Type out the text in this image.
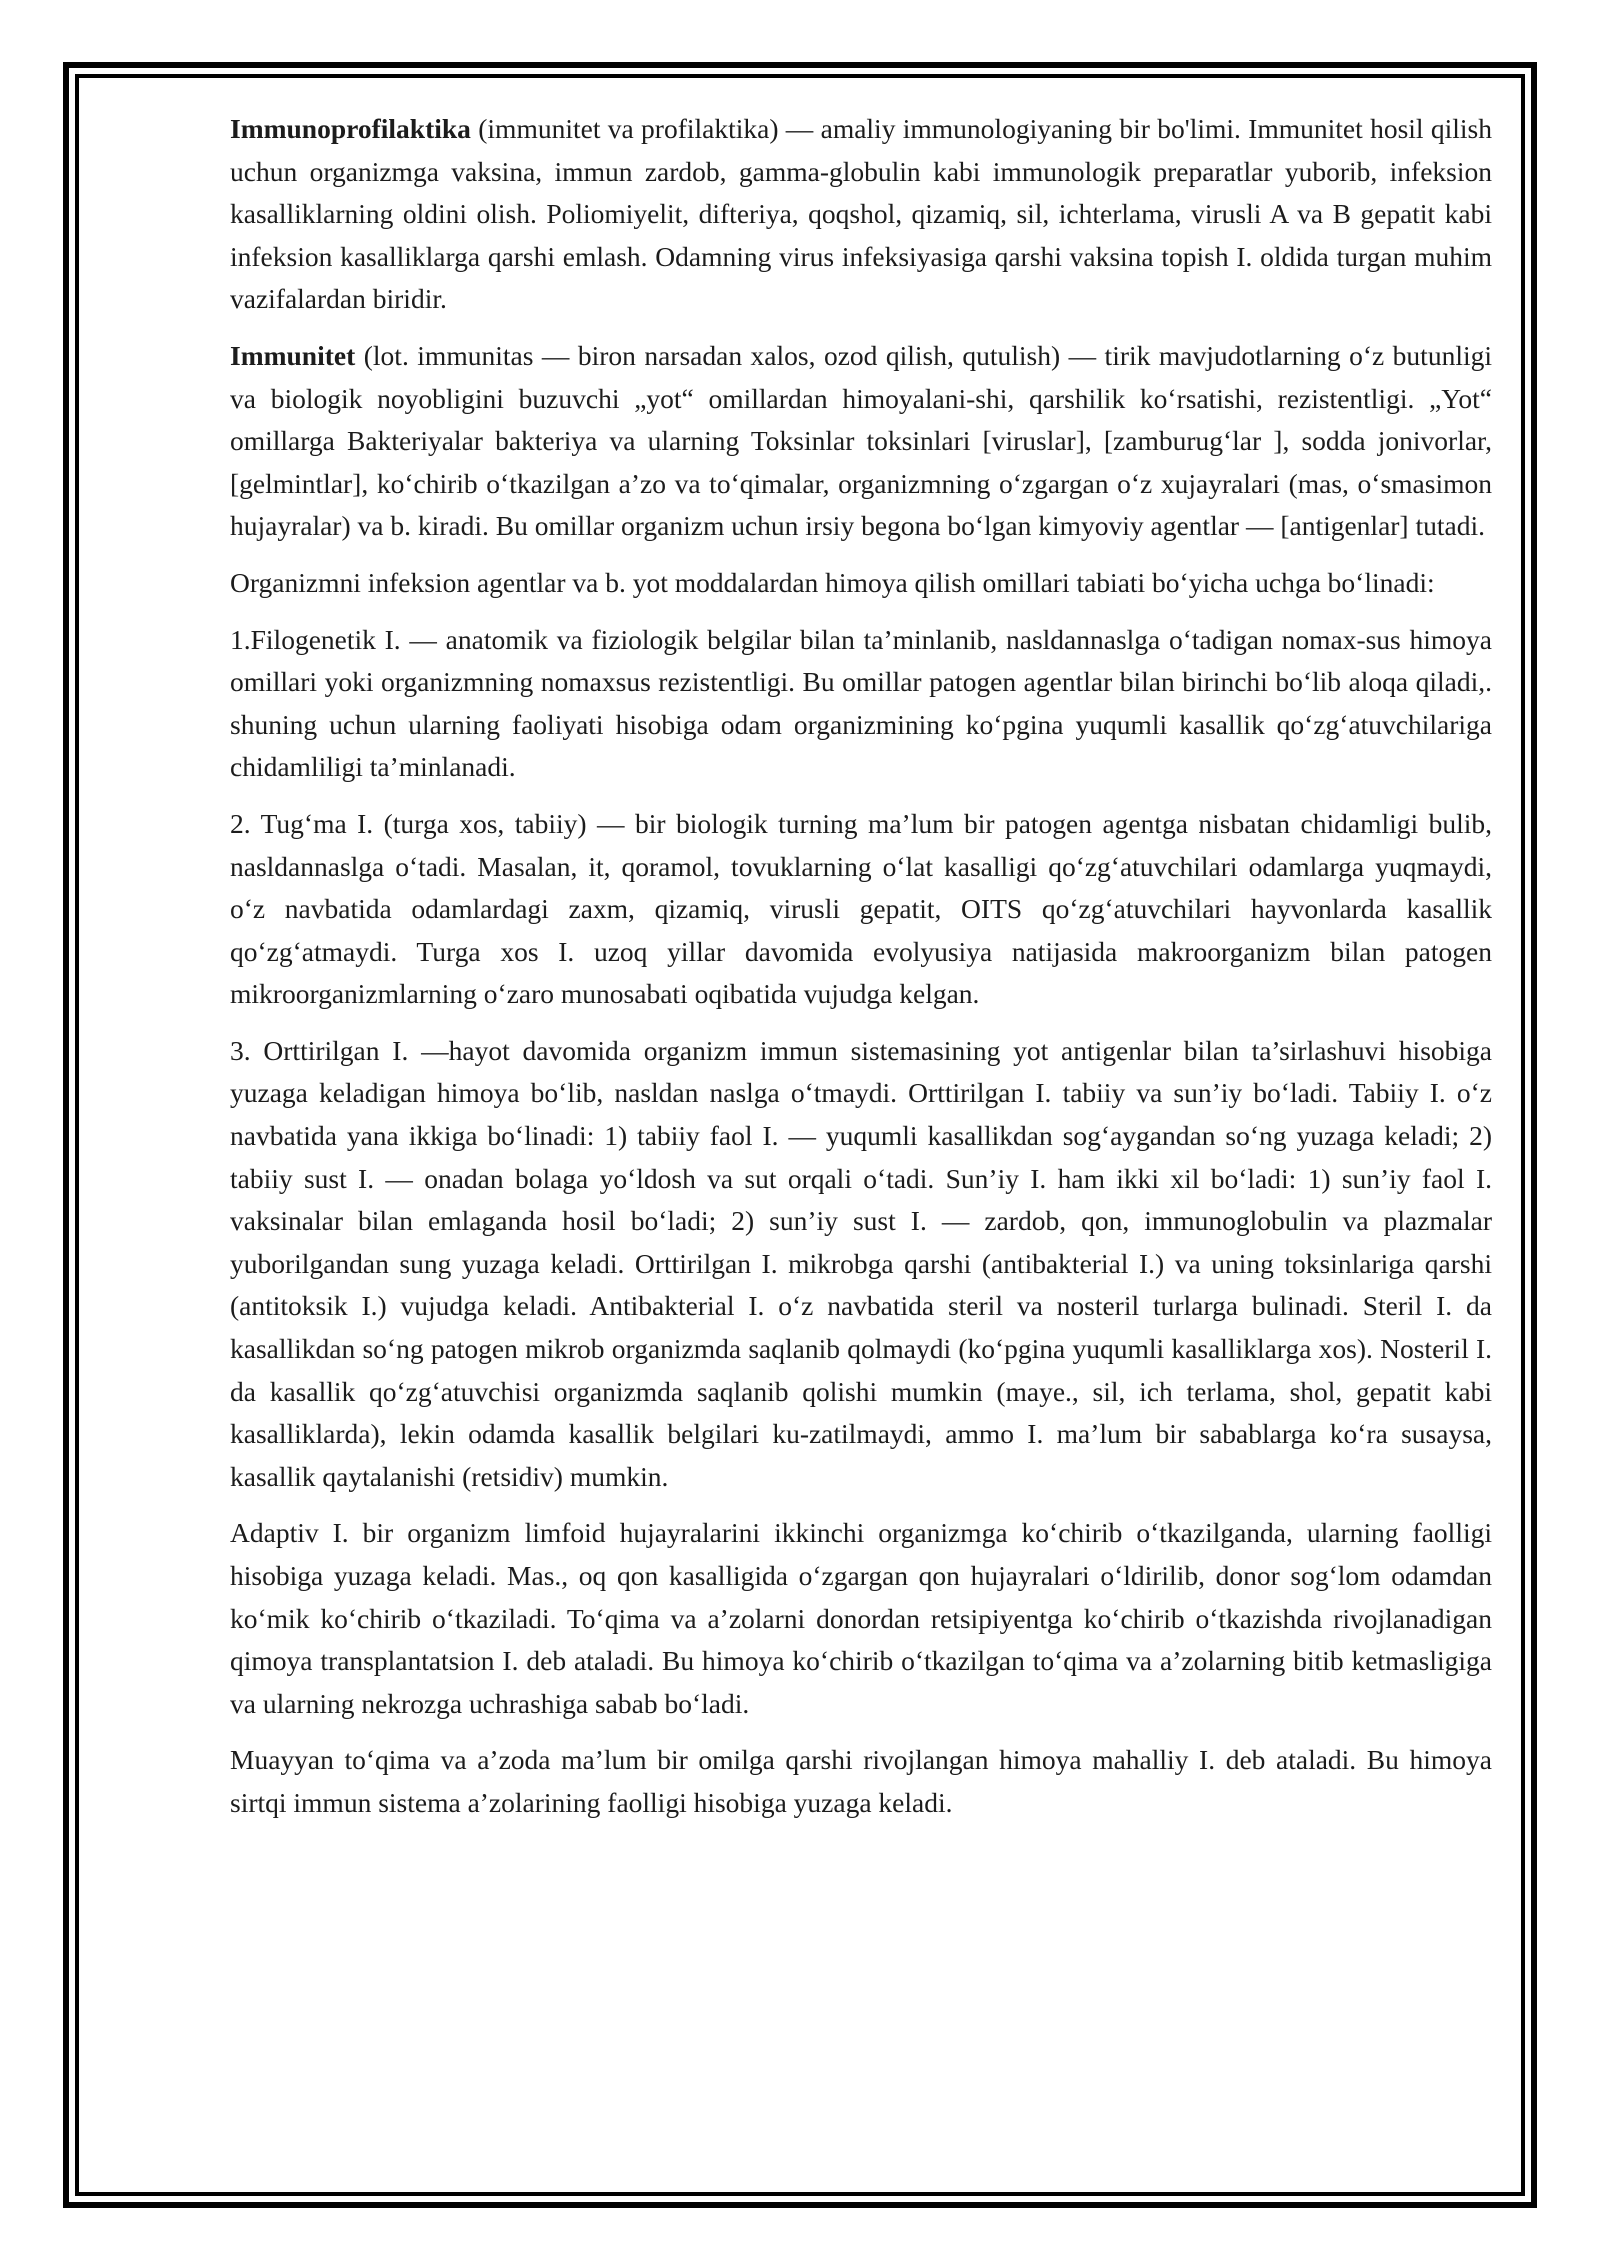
Immunoprofilaktika (immunitet va profilaktika) — amaliy immunologiyaning bir bo'limi. Immunitet hosil qilish uchun organizmga vaksina, immun zardob, gamma-globulin kabi immunologik preparatlar yuborib, infeksion kasalliklarning oldini olish. Poliomiyelit, difteriya, qoqshol, qizamiq, sil, ichterlama, virusli A va B gepatit kabi infeksion kasalliklarga qarshi emlash. Odamning virus infeksiyasiga qarshi vaksina topish I. oldida turgan muhim vazifalardan biridir.

Immunitet (lot. immunitas — biron narsadan xalos, ozod qilish, qutulish) — tirik mavjudotlarning o‘z butunligi va biologik noyobligini buzuvchi „yot“ omillardan himoyalani-shi, qarshilik ko‘rsatishi, rezistentligi. „Yot“ omillarga Bakteriyalar bakteriya va ularning Toksinlar toksinlari [viruslar], [zamburug‘lar ], sodda jonivorlar, [gelmintlar], ko‘chirib o‘tkazilgan a’zo va to‘qimalar, organizmning o‘zgargan o‘z xujayralari (mas, o‘smasimon hujayralar) va b. kiradi. Bu omillar organizm uchun irsiy begona bo‘lgan kimyoviy agentlar — [antigenlar] tutadi.

Organizmni infeksion agentlar va b. yot moddalardan himoya qilish omillari tabiati bo‘yicha uchga bo‘linadi:

1.Filogenetik I. — anatomik va fiziologik belgilar bilan ta’minlanib, nasldannaslga o‘tadigan nomax-sus himoya omillari yoki organizmning nomaxsus rezistentligi. Bu omillar patogen agentlar bilan birinchi bo‘lib aloqa qiladi,. shuning uchun ularning faoliyati hisobiga odam organizmining ko‘pgina yuqumli kasallik qo‘zg‘atuvchilariga chidamliligi ta’minlanadi.

2. Tug‘ma I. (turga xos, tabiiy) — bir biologik turning ma’lum bir patogen agentga nisbatan chidamligi bulib, nasldannaslga o‘tadi. Masalan, it, qoramol, tovuklarning o‘lat kasalligi qo‘zg‘atuvchilari odamlarga yuqmaydi, o‘z navbatida odamlardagi zaxm, qizamiq, virusli gepatit, OITS qo‘zg‘atuvchilari hayvonlarda kasallik qo‘zg‘atmaydi. Turga xos I. uzoq yillar davomida evolyusiya natijasida makroorganizm bilan patogen mikroorganizmlarning o‘zaro munosabati oqibatida vujudga kelgan.

3. Orttirilgan I. —hayot davomida organizm immun sistemasining yot antigenlar bilan ta’sirlashuvi hisobiga yuzaga keladigan himoya bo‘lib, nasldan naslga o‘tmaydi. Orttirilgan I. tabiiy va sun’iy bo‘ladi. Tabiiy I. o‘z navbatida yana ikkiga bo‘linadi: 1) tabiiy faol I. — yuqumli kasallikdan sog‘aygandan so‘ng yuzaga keladi; 2) tabiiy sust I. — onadan bolaga yo‘ldosh va sut orqali o‘tadi. Sun’iy I. ham ikki xil bo‘ladi: 1) sun’iy faol I. vaksinalar bilan emlaganda hosil bo‘ladi; 2) sun’iy sust I. — zardob, qon, immunoglobulin va plazmalar yuborilgandan sung yuzaga keladi. Orttirilgan I. mikrobga qarshi (antibakterial I.) va uning toksinlariga qarshi (antitoksik I.) vujudga keladi. Antibakterial I. o‘z navbatida steril va nosteril turlarga bulinadi. Steril I. da kasallikdan so‘ng patogen mikrob organizmda saqlanib qolmaydi (ko‘pgina yuqumli kasalliklarga xos). Nosteril I. da kasallik qo‘zg‘atuvchisi organizmda saqlanib qolishi mumkin (maye., sil, ich terlama, shol, gepatit kabi kasalliklarda), lekin odamda kasallik belgilari ku-zatilmaydi, ammo I. ma’lum bir sabablarga ko‘ra susaysa, kasallik qaytalanishi (retsidiv) mumkin.

Adaptiv I. bir organizm limfoid hujayralarini ikkinchi organizmga ko‘chirib o‘tkazilganda, ularning faolligi hisobiga yuzaga keladi. Mas., oq qon kasalligida o‘zgargan qon hujayralari o‘ldirilib, donor sog‘lom odamdan ko‘mik ko‘chirib o‘tkaziladi. To‘qima va a’zolarni donordan retsipiyentga ko‘chirib o‘tkazishda rivojlanadigan qimoya transplantatsion I. deb ataladi. Bu himoya ko‘chirib o‘tkazilgan to‘qima va a’zolarning bitib ketmasligiga va ularning nekrozga uchrashiga sabab bo‘ladi.

Muayyan to‘qima va a’zoda ma’lum bir omilga qarshi rivojlangan himoya mahalliy I. deb ataladi. Bu himoya sirtqi immun sistema a’zolarining faolligi hisobiga yuzaga keladi.
